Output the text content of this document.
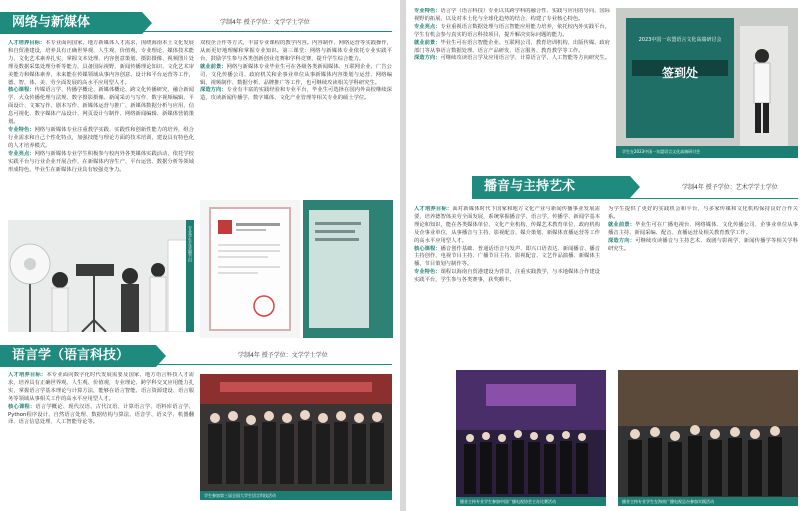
网络与新媒体	学制4年 授予学位：文学学士学位

人才培养目标：本专业面向国家、地方新媒体人才需求，围绕海南本土文化发展和自贸港建设，培养具有正确世界观、人生观、价值观，专业理论、媒体技术能力、文化艺术素养扎实，掌握文本处理、内容创意策划、摄影摄像、视频图片处理及数据采集处理分析等能力，具备国际视野、新闻传播理论知识、文化艺术审美能力和媒体素养，未来能在传媒领域从事内容创意、设计和平台运营等工作，德、智、体、美、劳全面发展的高水平应用型人才。

核心课程：传媒语言学、传播学概论、新媒体概论、跨文化传播研究、融合新闻学、大众传播伦理与法规、数字摄影摄像、新闻采访与写作、数字视频编辑、平面设计、文案写作、剧本写作、新媒体运营与推广、新媒体数据分析与应用、信息可视化、数字媒体产品设计、网页设计与制作、网络新闻编辑、新媒体营销策划。

专业特色：网络与新媒体专业注重教学实践、实践性和创新性能力的培养，组合行业需求和自己个性化特点，加强技能与理论方面的技术培训，建设具有特色化的人才培养模式。

专业亮点：网络与新媒体专业学生积极参与校内外各类媒体实践活动，依托学校实践平台与行业企业开展合作，在新媒体内容生产、平台运营、数据分析等领域形成特色，毕业生在新媒体行业具有较强竞争力。

双校企合作等方式，丰富专业课程的教学内容。内容制作、网络运营等实践操作，从而更好地理解和掌握专业知识。第三课堂：网络与新媒体专业依托专业实践平台，鼓励学生参与各类创新创业竞赛和学科竞赛，提升学生综合能力。

就业前景：网络与新媒体专业毕业生可在各级各类新闻媒体、互联网企业、广告公司、文化传播公司、政府机关和企事业单位从事新媒体内容策划与运营、网络编辑、视频制作、数据分析、品牌推广等工作，也可继续攻读相关学科研究生。

深造方向：专业有丰富的实践经验和专业平台，毕业生可选择在国内外高校继续深造，攻读新闻传播学、数字媒体、文化产业管理等相关专业的硕士学位。

专业学生在录制节目
语言学（语言科技）	学制4年 授予学位：文学学士学位

人才培养目标：本专业面向数字化时代发展需要及国家、地方语言科技人才需求，培养具有正确世界观、人生观、价值观，专业理论、跨学科交叉应用能力扎实，掌握语言学基本理论与计算方法，能够在语言智能、语言资源建设、语言服务等领域从事相关工作的高水平应用型人才。

核心课程：语言学概论、现代汉语、古代汉语、计算语言学、语料库语言学、Python程序设计、自然语言处理、数据结构与算法、语音学、语义学、机器翻译、语言信息处理、人工智能导论等。

学生参加第三届全国大学生语言科技活动

专业特色：语言学（语言科技）专业以其跨学科的融合性、实践与应用的导向、国际视野的拓展、以及对本土化与全球化趋势的结合，构建了专业核心特色。

专业亮点：专业重视语言数据处理与语言智能应用能力培养，依托校内外实践平台，学生有机会参与真实的语言科技项目，提升解决实际问题的能力。

就业前景：毕业生可在语言智能企业、互联网公司、教育培训机构、出版传媒、政府部门等从事语言数据处理、语言产品研发、语言服务、教育教学等工作。

深造方向：可继续攻读语言学及应用语言学、计算语言学、人工智能等方向研究生。

2023中国一东盟语言文化高端研讨会
签到处
学生在2023中国一东盟语言文化高端研讨会
播音与主持艺术	学制4年 授予学位：艺术学学士学位

人才培养目标：面对新媒体时代下国家和地方文化产业与新闻传播事业发展需要，培养德智体美劳全面发展，系统掌握播音学、语言学、传播学、新闻学基本理论和知识，能在各类媒体单位、文化产业机构、传媒艺术教育单位、政府机构及企事业单位，从事播音与主持、影视配音、媒介策划、新媒体直播运营等工作的高水平应用型人才。

核心课程：播音创作基础、普通话语音与发声、即兴口语表达、新闻播音、播音主持创作、电视节目主持、广播节目主持、影视配音、文艺作品演播、新媒体主播、节目策划与制作等。

专业特色：课程以海南自贸港建设为背景，注重实践教学，与本地媒体合作建设实践平台，学生参与各类赛事，获奖颇丰。

为学生提供了更好的实践机会和平台，与多家传媒和文化机构保持良好合作关系。

就业前景：毕业生可在广播电视台、网络媒体、文化传播公司、企事业单位从事播音主持、新闻采编、配音、直播运营及相关教育教学工作。

深造方向：可继续攻读播音与主持艺术、戏剧与影视学、新闻传播学等相关学科研究生。

播音主持专业学生参加中国广播电视协会主办比赛活动	播音主持专业学生在海南广播电视总台参加实践活动
